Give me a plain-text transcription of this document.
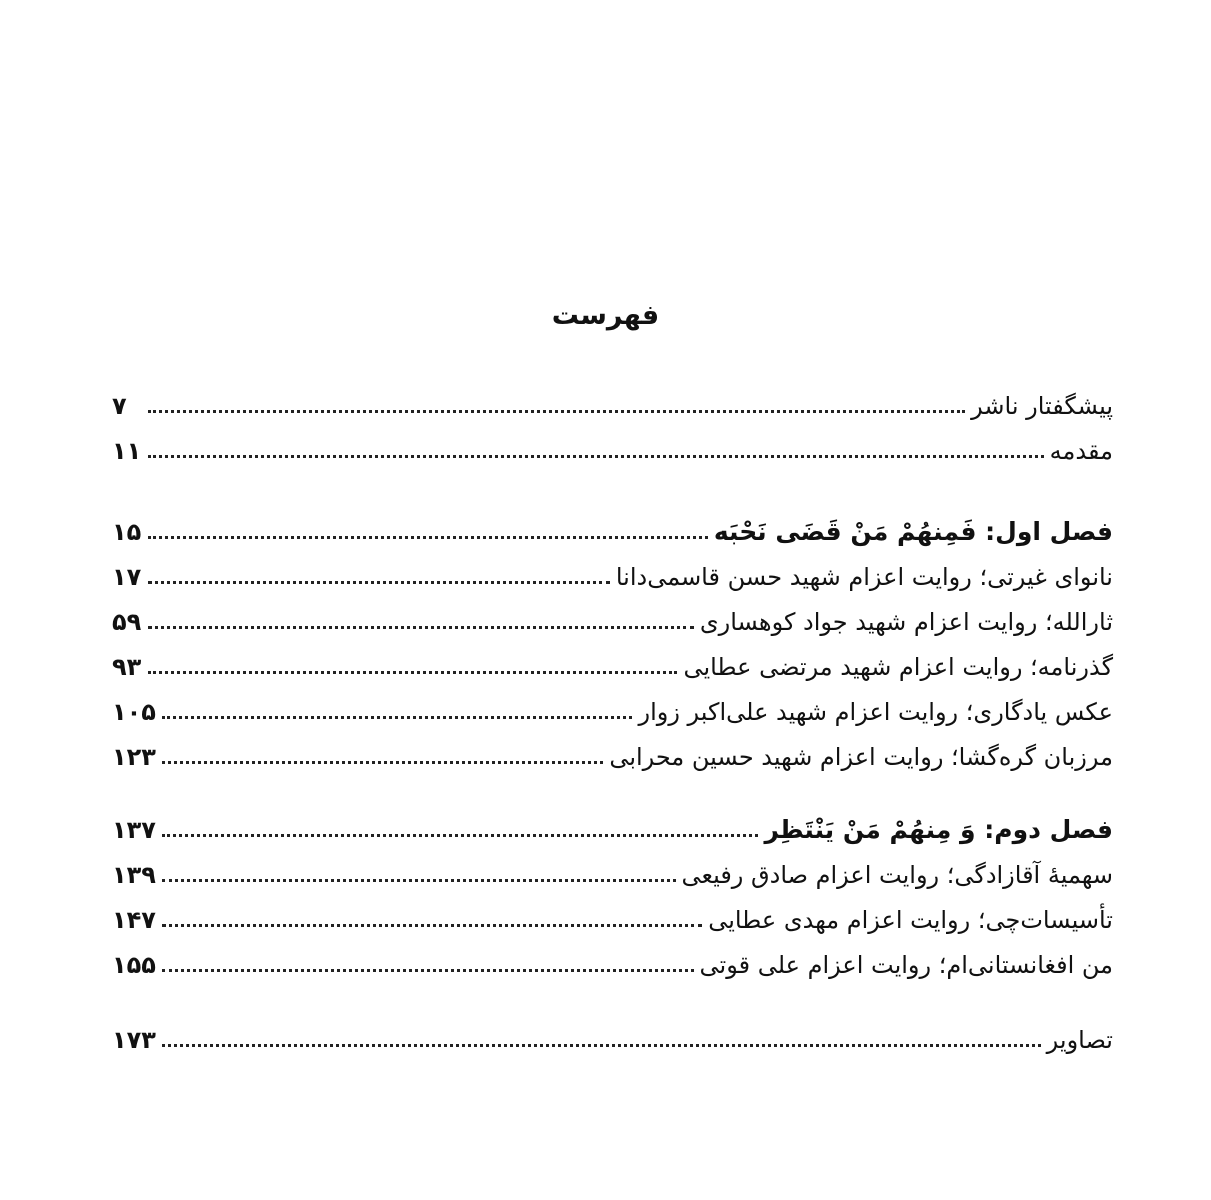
فهرست
پیشگفتار ناشر
۷
مقدمه
۱۱
فصل اول: فَمِنهُمْ مَنْ قَضَى نَحْبَه
۱۵
نانوای غیرتی؛ روایت اعزام شهید حسن قاسمی‌دانا
۱۷
ثارالله؛ روایت اعزام شهید جواد کوهساری
۵۹
گذرنامه؛ روایت اعزام شهید مرتضی عطایی
۹۳
عکس یادگاری؛ روایت اعزام شهید علی‌اکبر زوار
۱۰۵
مرزبان گره‌گشا؛ روایت اعزام شهید حسین محرابی
۱۲۳
فصل دوم: وَ مِنهُمْ مَنْ یَنْتَظِر
۱۳۷
سهمیهٔ آقازادگی؛ روایت اعزام صادق رفیعی
۱۳۹
تأسیسات‌چی؛ روایت اعزام مهدی عطایی
۱۴۷
من افغانستانی‌ام؛ روایت اعزام علی قوتی
۱۵۵
تصاویر
۱۷۳
